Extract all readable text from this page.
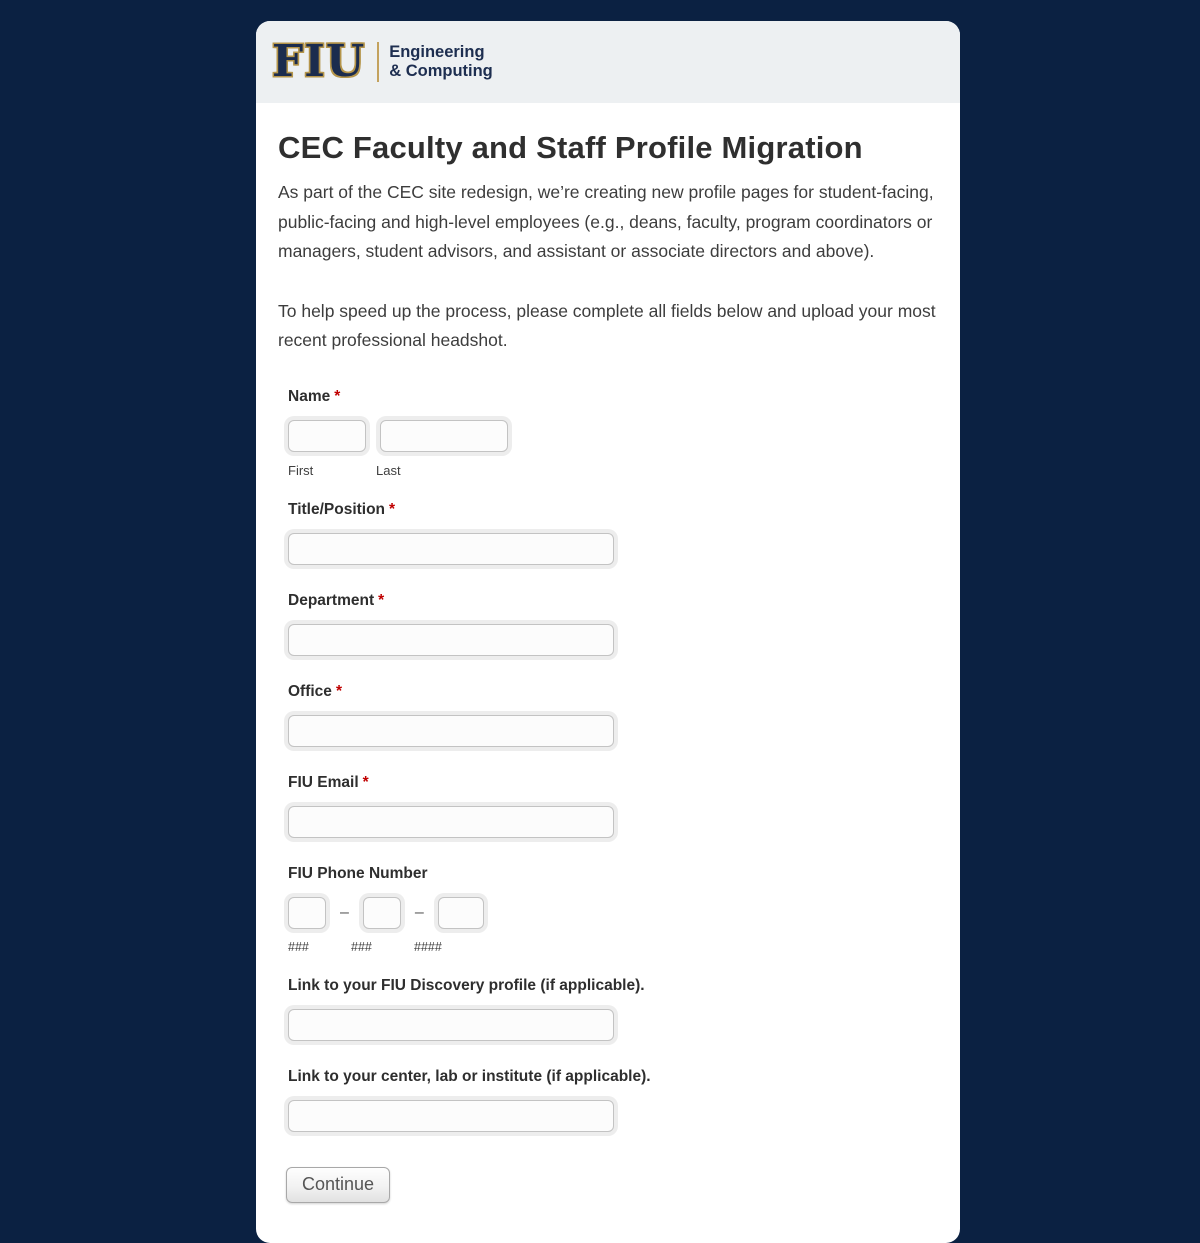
FIU	Engineering
& Computing
CEC Faculty and Staff Profile Migration

As part of the CEC site redesign, we’re creating new profile pages for student-facing, public-facing and high-level employees (e.g., deans, faculty, program coordinators or managers, student advisors, and assistant or associate directors and above).

To help speed up the process, please complete all fields below and upload your most recent professional headshot.

Name *
First	Last
Title/Position *
Department *
Office *
FIU Email *
FIU Phone Number
–	–
###	###	####
Link to your FIU Discovery profile (if applicable).
Link to your center, lab or institute (if applicable).
Continue
